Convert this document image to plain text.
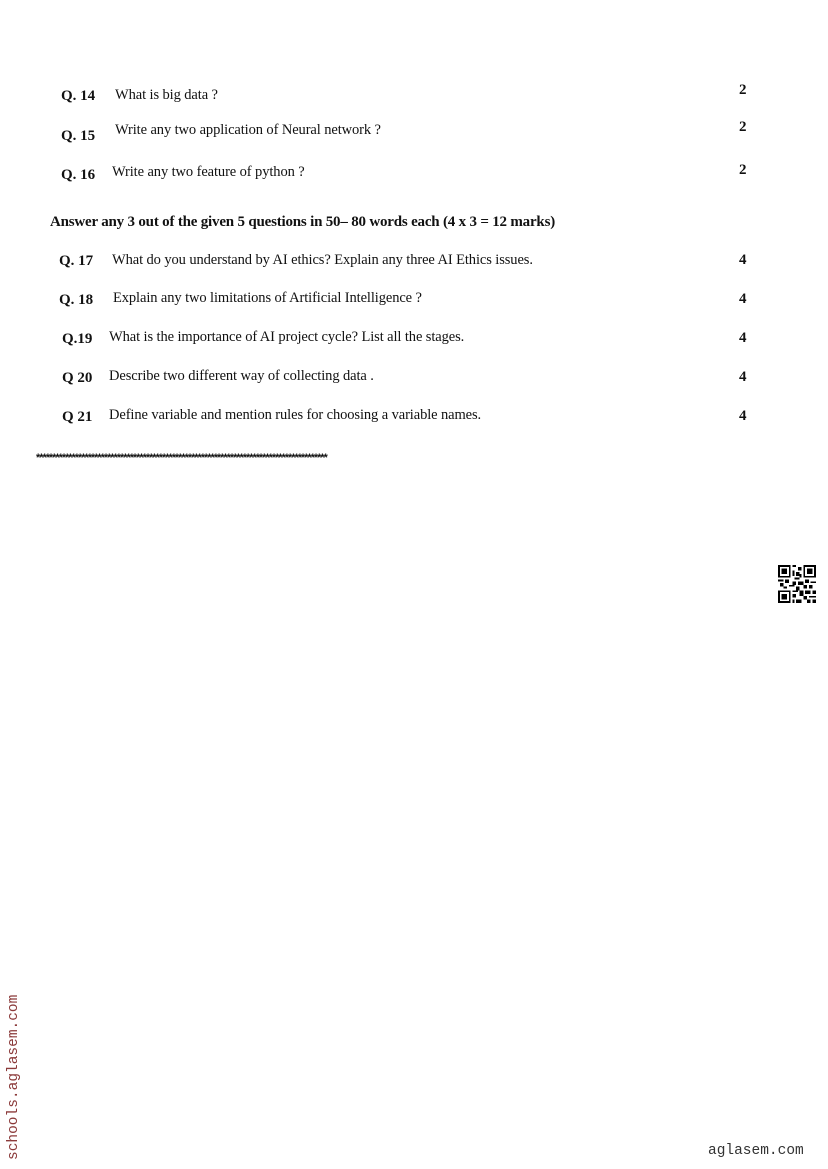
Q. 14 What is big data ?	2
Q. 15 Write any two application of Neural network ?	2
Q. 16 Write any two feature of python ?	2
Answer any 3 out of the given 5 questions in 50– 80 words each (4 x 3 = 12 marks)
Q. 17 What do you understand by AI ethics? Explain any three AI Ethics issues.	4
Q. 18 Explain any two limitations of Artificial Intelligence ?	4
Q.19 What is the importance of AI project cycle? List all the stages.	4
Q 20 Describe two different way of collecting data .	4
Q 21 Define variable and mention rules for choosing a variable names.	4
******************************************************************************************
schools.aglasem.com	aglasem.com
